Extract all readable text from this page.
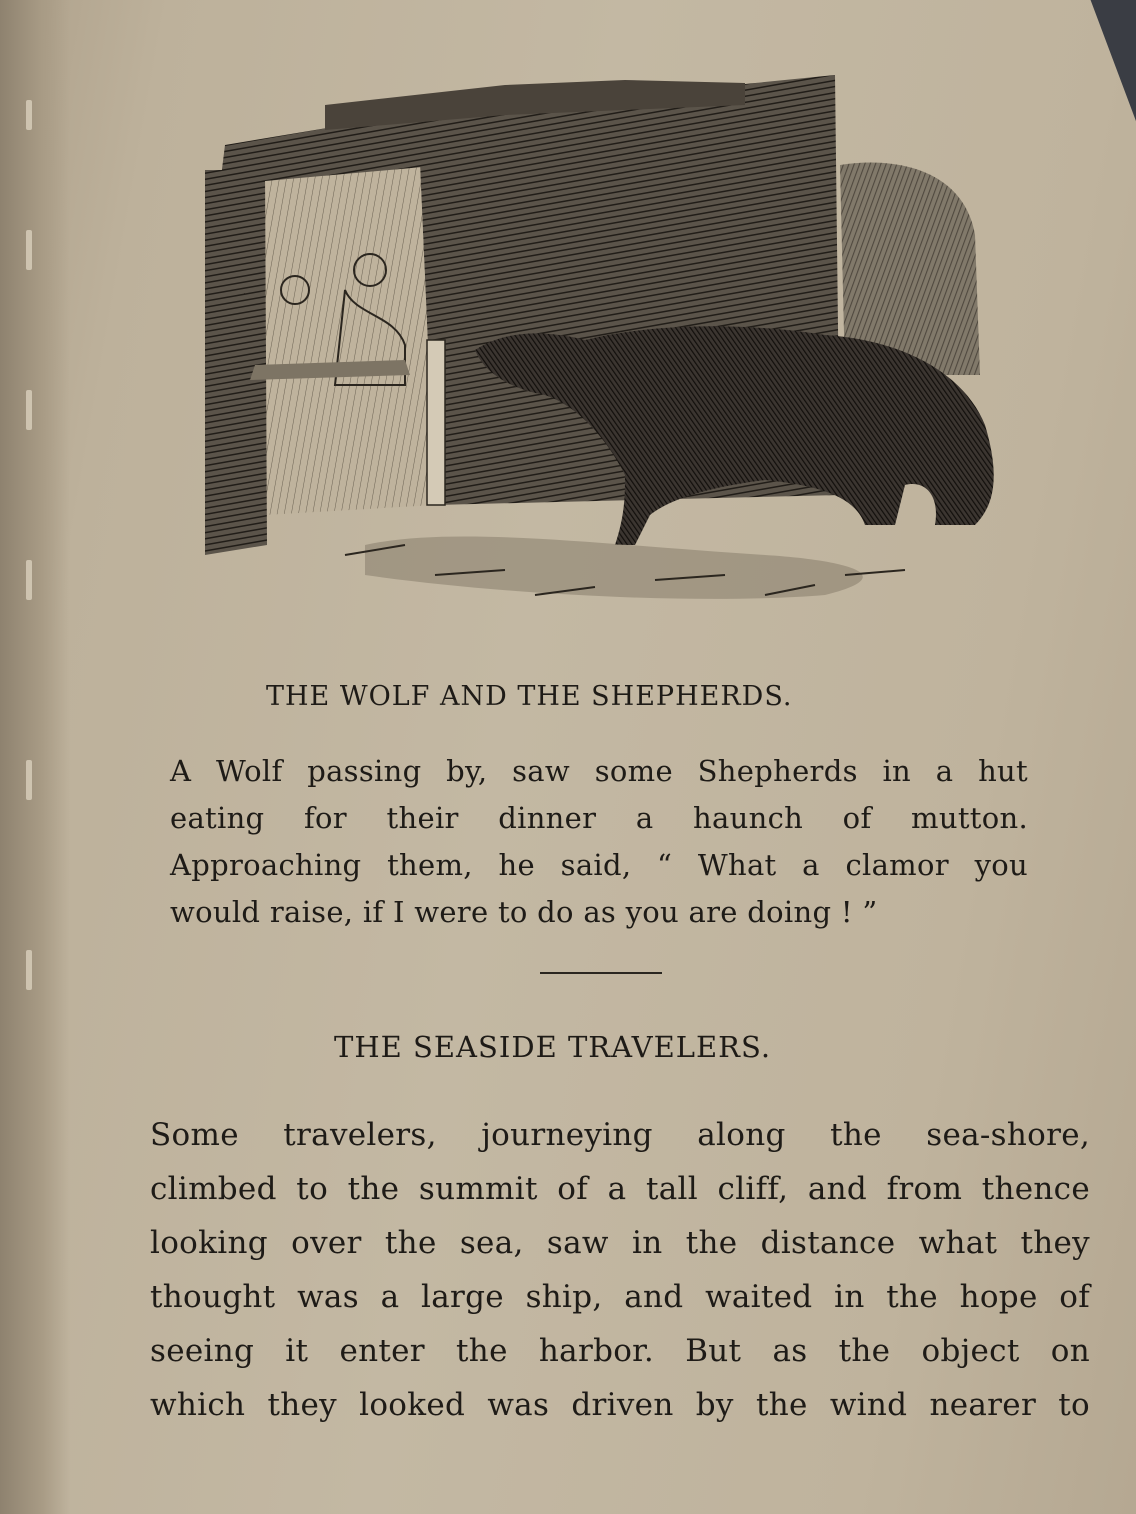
THE WOLF AND THE SHEPHERDS.
A Wolf passing by, saw some Shepherds in a hut
eating for their dinner a haunch of mutton.
Approaching them, he said, “ What a clamor you
would raise, if I were to do as you are doing ! ”
THE SEASIDE TRAVELERS.
Some travelers, journeying along the sea-shore,
climbed to the summit of a tall cliff, and from thence
looking over the sea, saw in the distance what they
thought was a large ship, and waited in the hope of
seeing it enter the harbor. But as the object on
which they looked was driven by the wind nearer to
